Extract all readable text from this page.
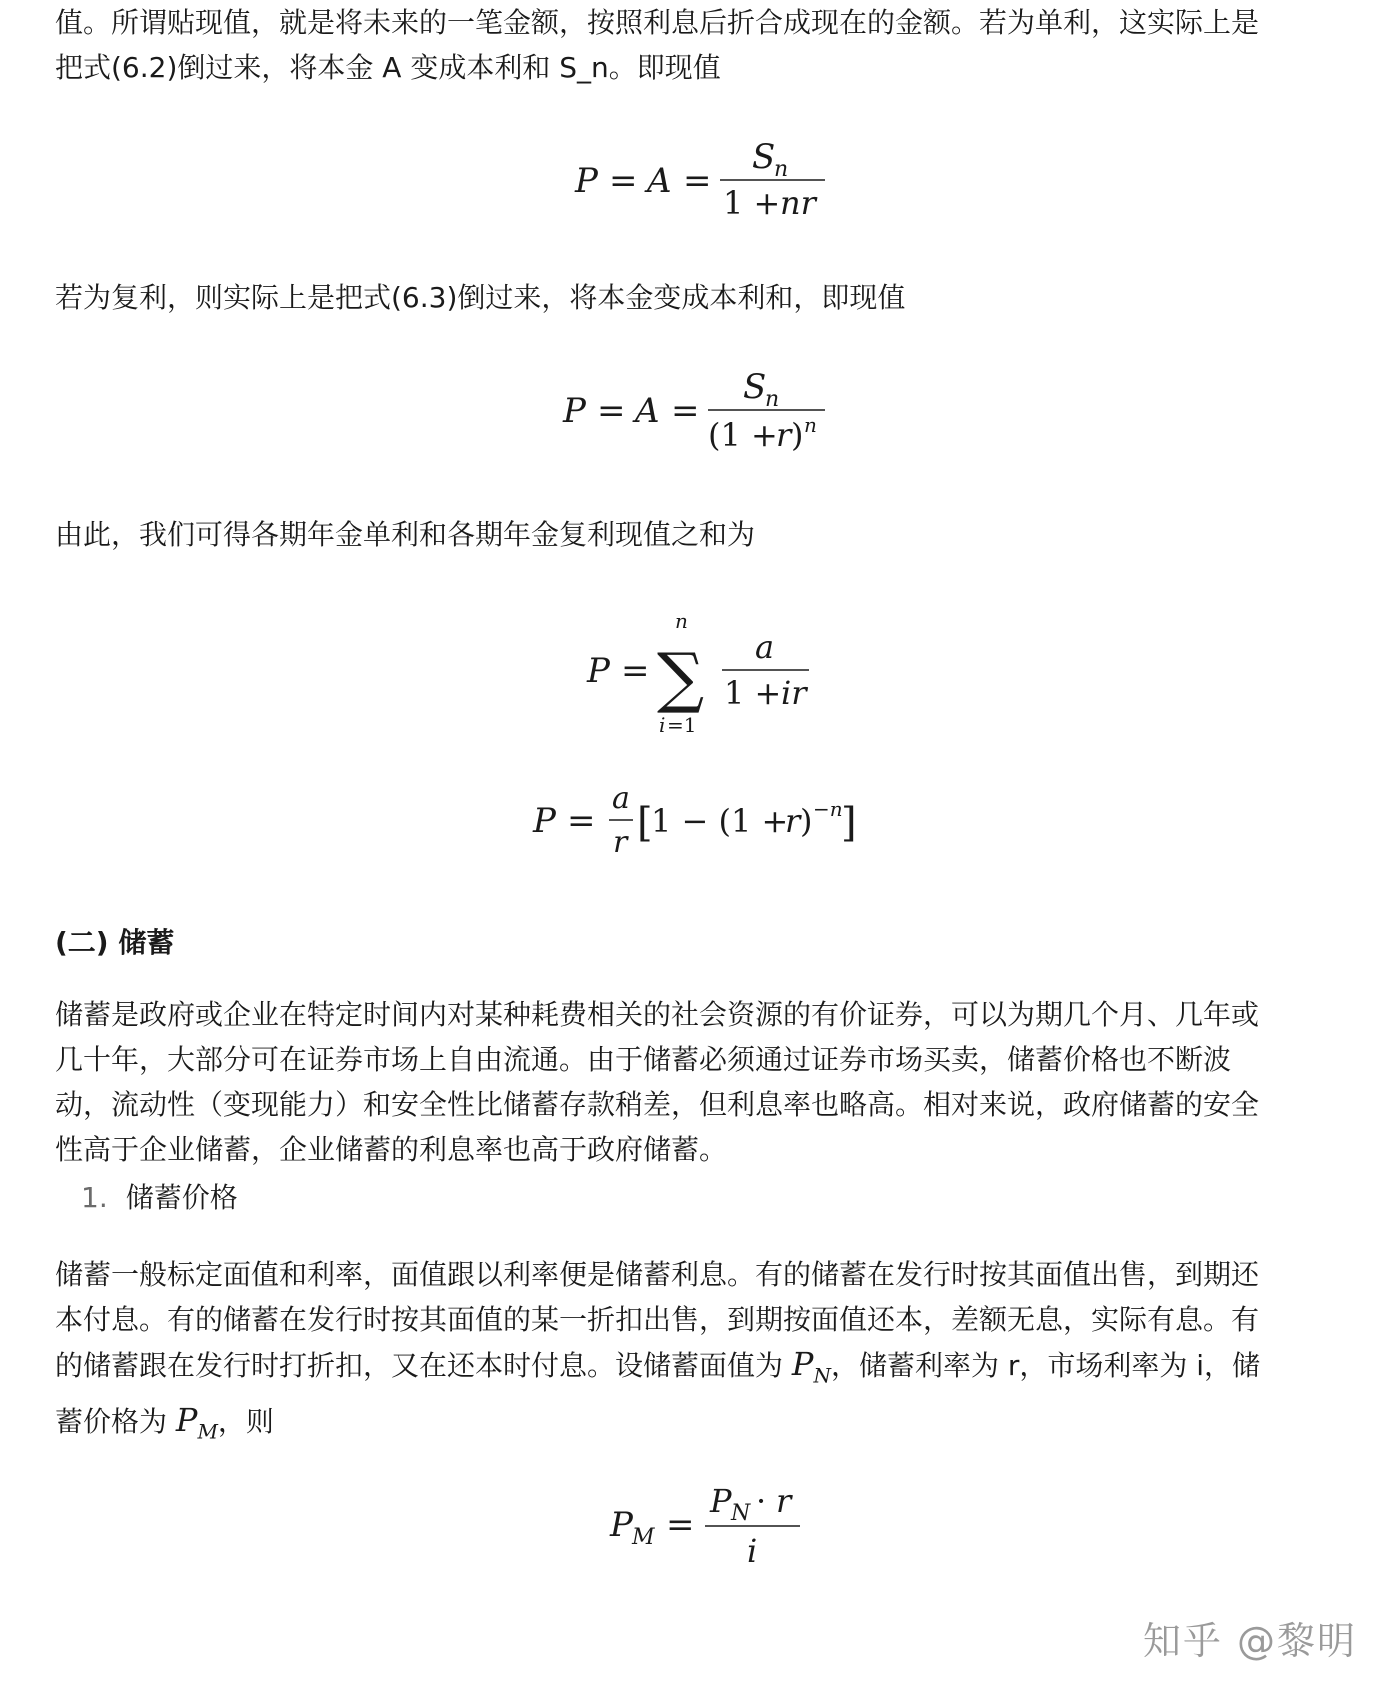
值。所谓贴现值，就是将未来的一笔金额，按照利息后折合成现在的金额。若为单利，这实际上是

把式(6.2)倒过来，将本金 A 变成本利和 S_n。即现值

P = A =
S
n
1 + nr

若为复利，则实际上是把式(6.3)倒过来，将本金变成本利和，即现值

P = A =
S
n
(1 +
r ) n

由此，我们可得各期年金单利和各期年金复利现值之和为

P =
n
∑
i =1
a
1 + ir
P =
a
r [
1 − (1 +
r ) −n
]

(二) 储蓄

储蓄是政府或企业在特定时间内对某种耗费相关的社会资源的有价证券，可以为期几个月、几年或

几十年，大部分可在证券市场上自由流通。由于储蓄必须通过证券市场买卖，储蓄价格也不断波

动，流动性（变现能力）和安全性比储蓄存款稍差，但利息率也略高。相对来说，政府储蓄的安全

性高于企业储蓄，企业储蓄的利息率也高于政府储蓄。

1. 储蓄价格

储蓄一般标定面值和利率，面值跟以利率便是储蓄利息。有的储蓄在发行时按其面值出售，到期还

本付息。有的储蓄在发行时按其面值的某一折扣出售，到期按面值还本，差额无息，实际有息。有

的储蓄跟在发行时打折扣，又在还本时付息。设储蓄面值为 $P_N$，储蓄利率为 r，市场利率为 i，储

蓄价格为 $P_M$，则

P M =
P N · r
i
知乎 @黎明
